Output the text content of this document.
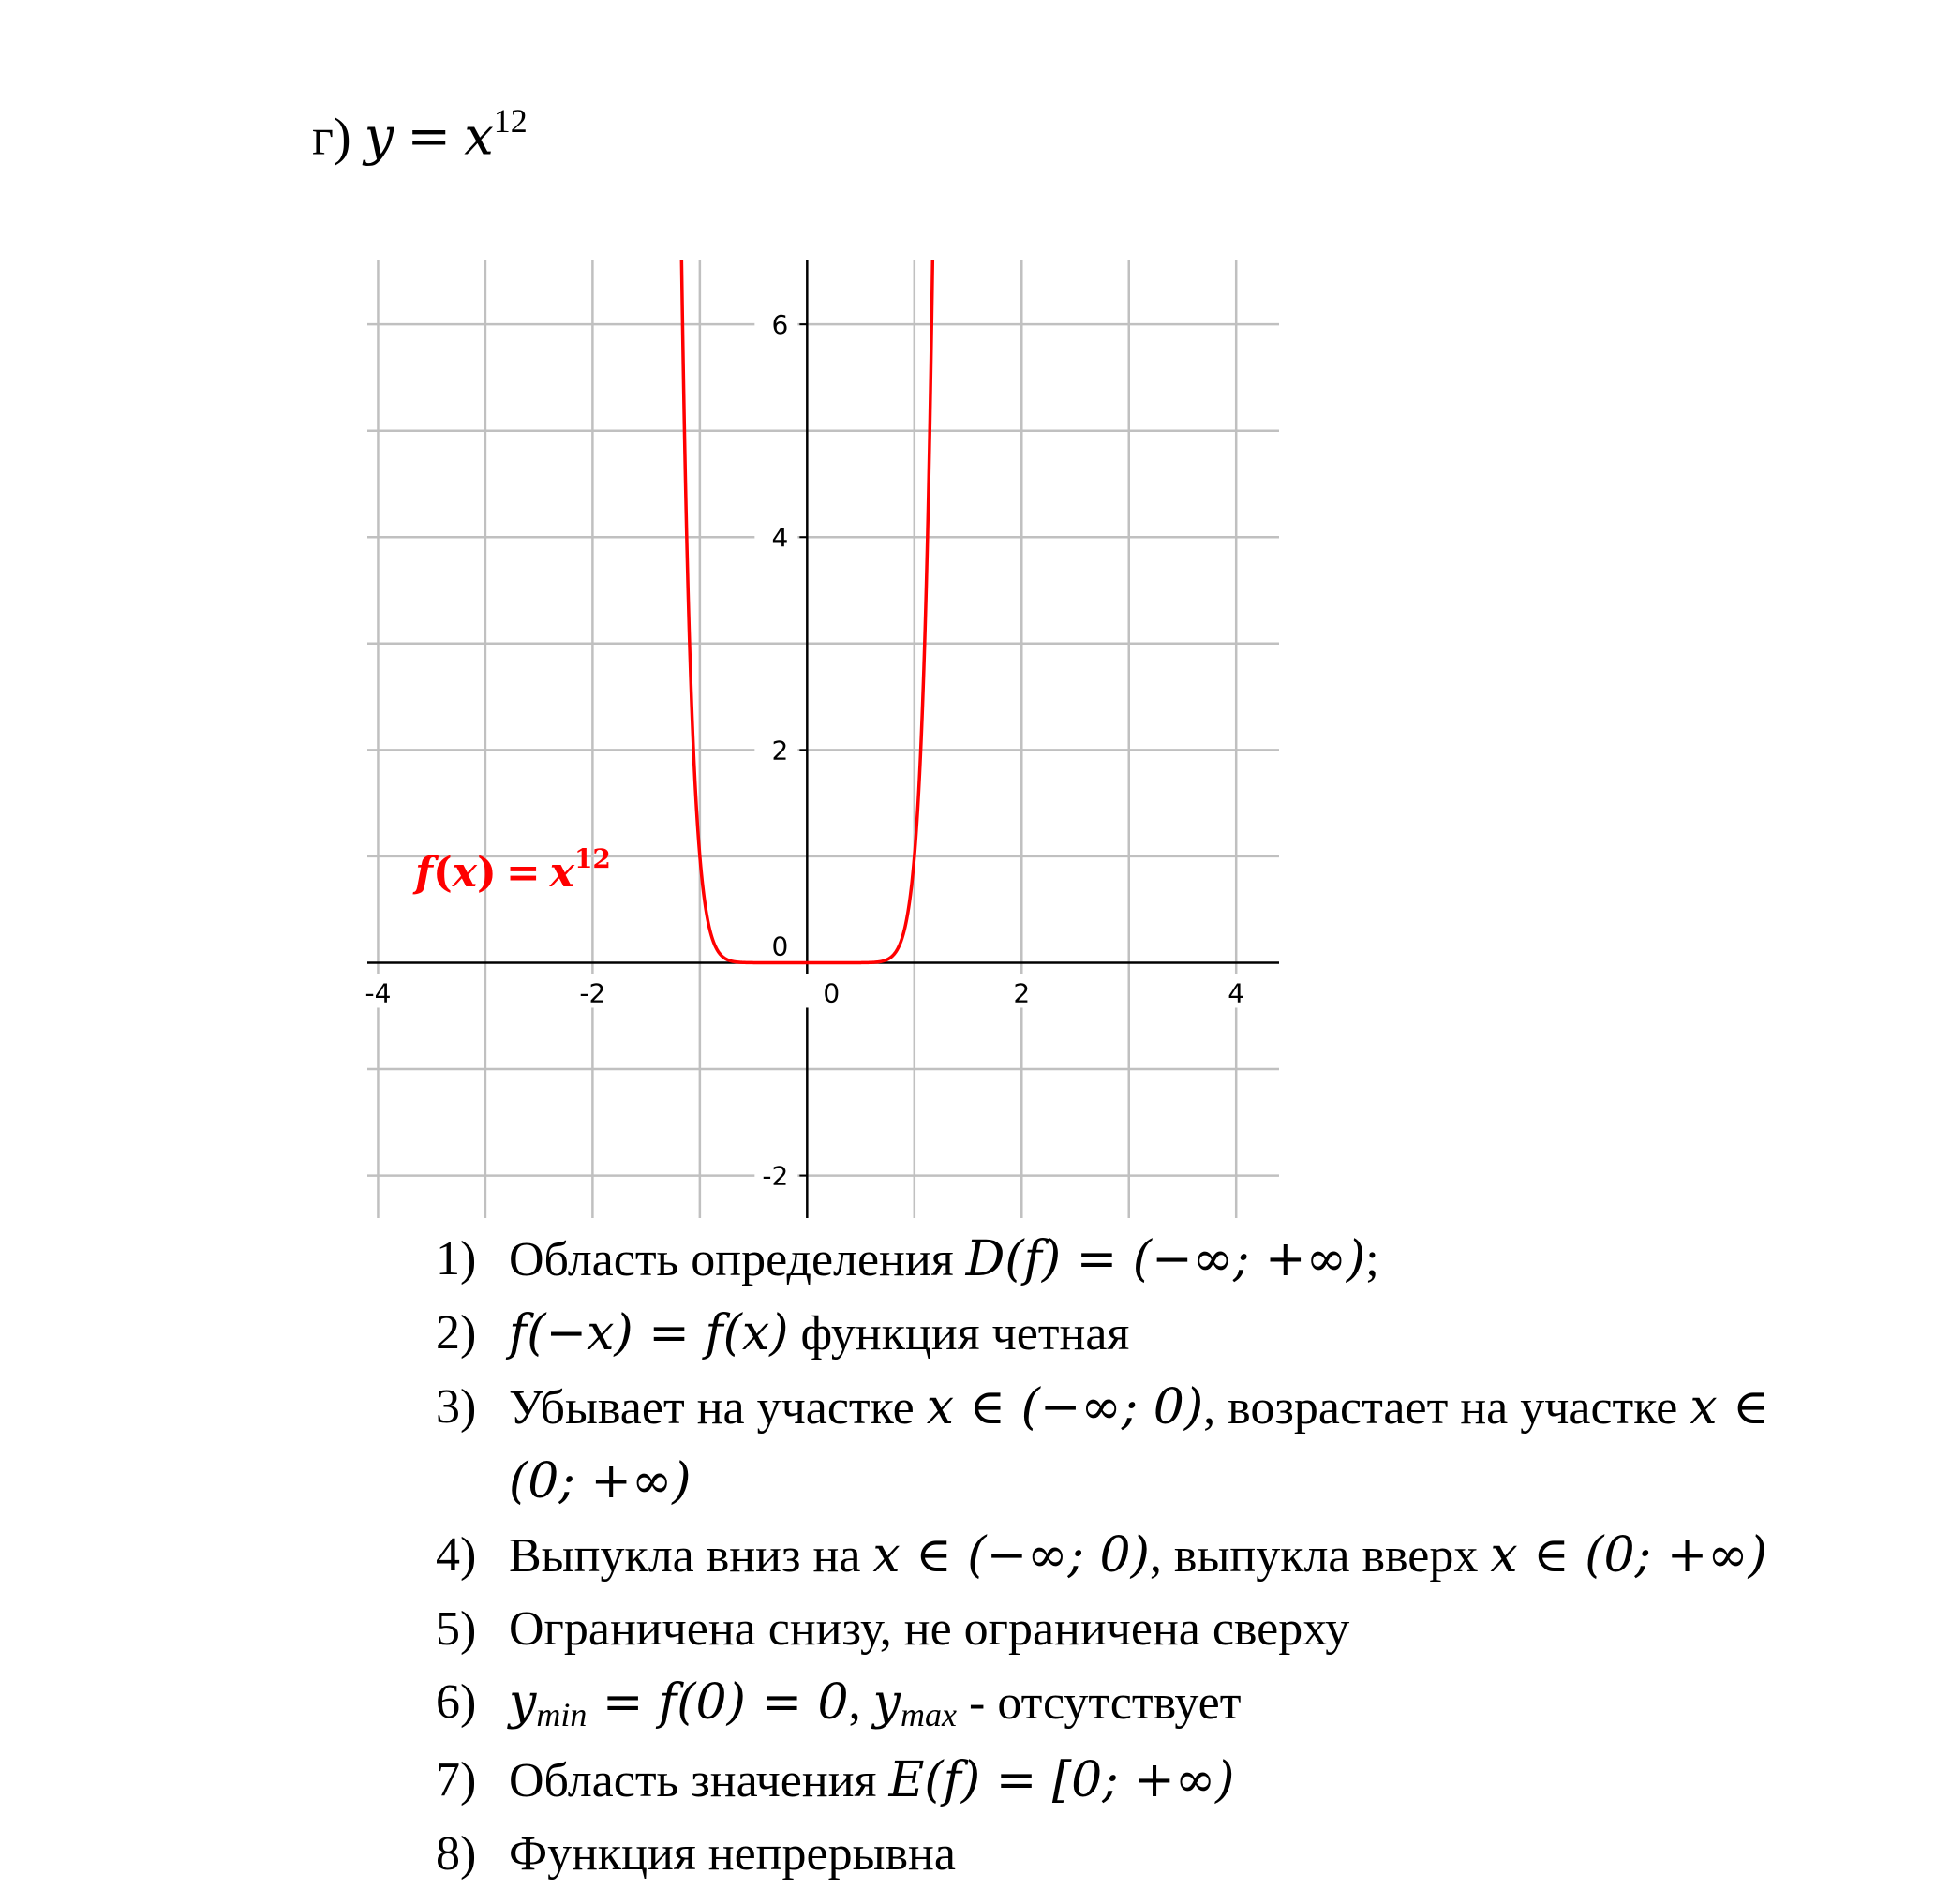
г) $y = x^{12}$
-4	-2	0	2	4
-2
0
2
4
6
$f(x) = x^{12}$
1) Область определения D(f) = (−∞; +∞);
2) f(−x) = f(x) функция четная
3) Убывает на участке x ∈ (−∞; 0), возрастает на участке x ∈
(0; +∞)
4) Выпукла вниз на x ∈ (−∞; 0), выпукла вверх x ∈ (0; +∞)
5) Ограничена снизу, не ограничена сверху
6) $y_{min} = f(0) = 0$, $y_{max}$ - отсутствует
7) Область значения E(f) = [0; +∞)
8) Функция непрерывна
